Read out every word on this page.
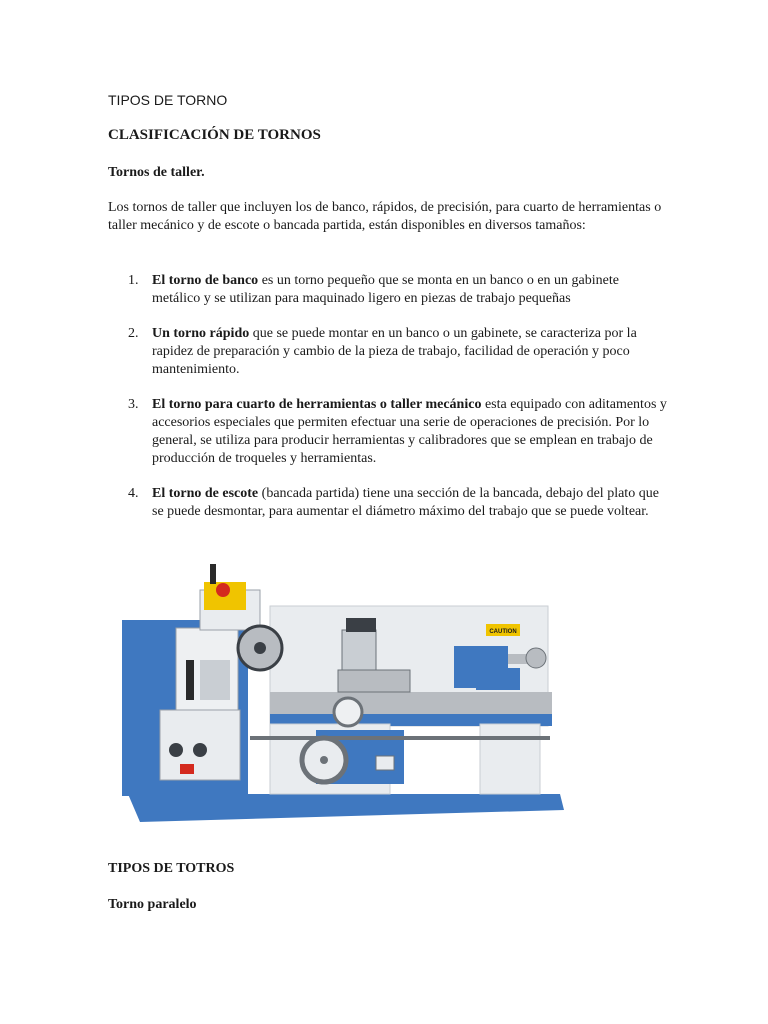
TIPOS DE TORNO
CLASIFICACIÓN DE TORNOS
Tornos de taller.

Los tornos de taller que incluyen los de banco, rápidos, de precisión, para cuarto de herramientas o taller mecánico y de escote o bancada partida, están disponibles en diversos tamaños:

1. El torno de banco es un torno pequeño que se monta en un banco o en un gabinete metálico y se utilizan para maquinado ligero en piezas de trabajo pequeñas
2. Un torno rápido que se puede montar en un banco o un gabinete, se caracteriza por la rapidez de preparación y cambio de la pieza de trabajo, facilidad de operación y poco mantenimiento.
3. El torno para cuarto de herramientas o taller mecánico esta equipado con aditamentos y accesorios especiales que permiten efectuar una serie de operaciones de precisión. Por lo general, se utiliza para producir herramientas y calibradores que se emplean en trabajo de producción de troqueles y herramientas.
4. El torno de escote (bancada partida) tiene una sección de la bancada, debajo del plato que se puede desmontar, para aumentar el diámetro máximo del trabajo que se puede voltear.
CAUTION
TIPOS DE TOTROS
Torno paralelo
